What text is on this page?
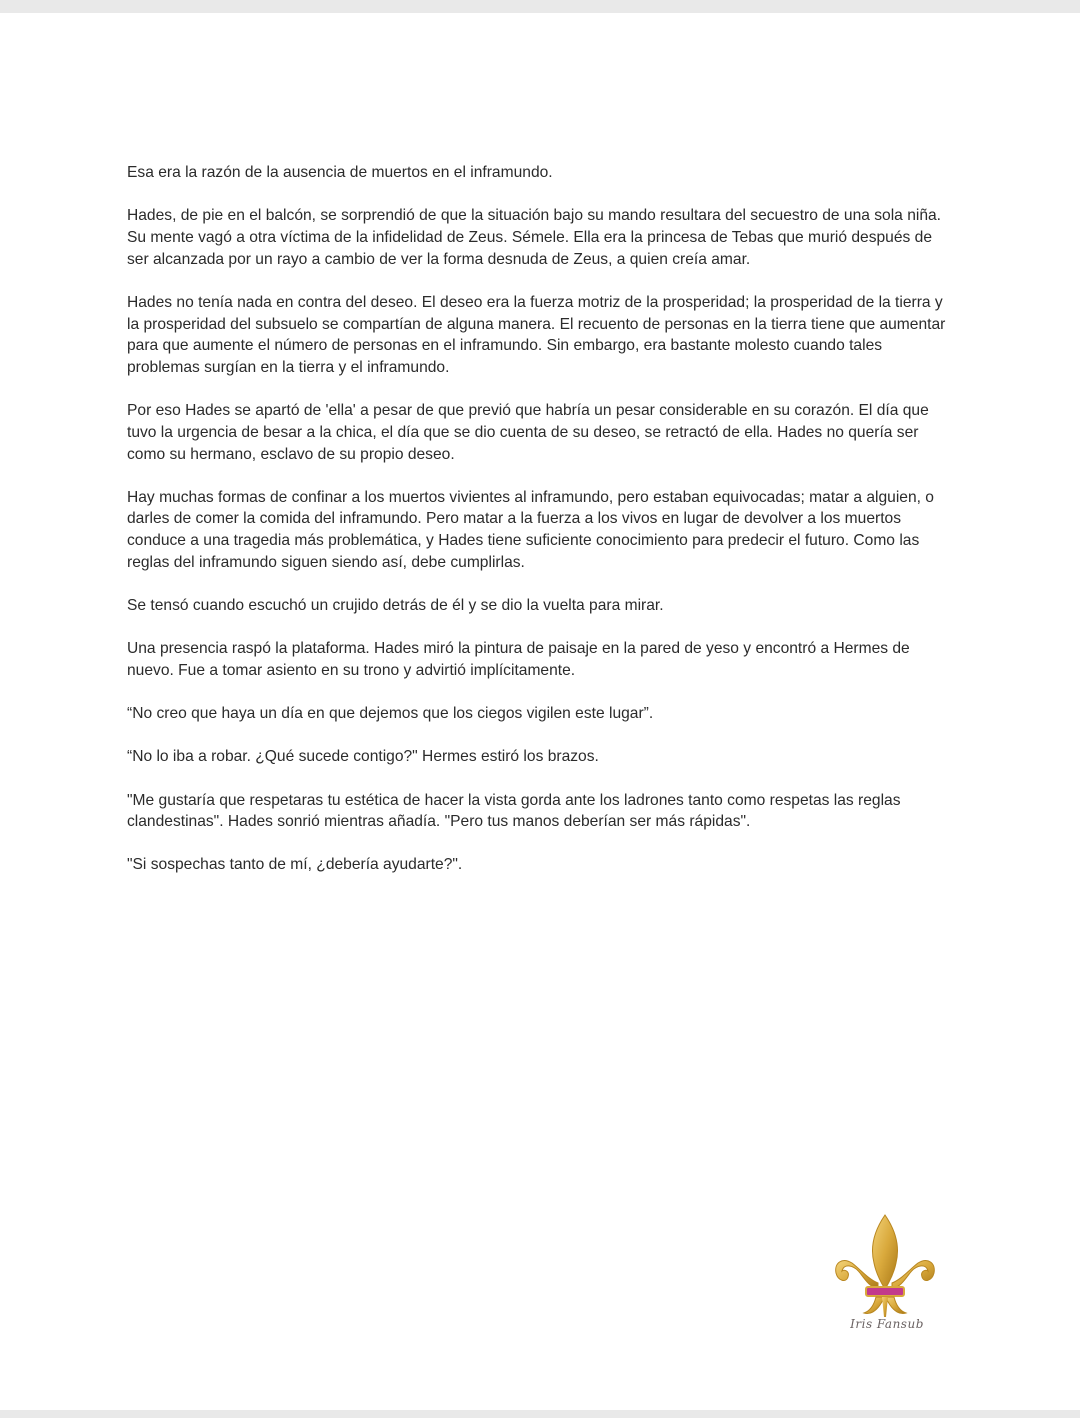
Esa era la razón de la ausencia de muertos en el inframundo.

Hades, de pie en el balcón, se sorprendió de que la situación bajo su mando resultara del secuestro de una sola niña. Su mente vagó a otra víctima de la infidelidad de Zeus. Sémele. Ella era la princesa de Tebas que murió después de ser alcanzada por un rayo a cambio de ver la forma desnuda de Zeus, a quien creía amar.

Hades no tenía nada en contra del deseo. El deseo era la fuerza motriz de la prosperidad; la prosperidad de la tierra y la prosperidad del subsuelo se compartían de alguna manera. El recuento de personas en la tierra tiene que aumentar para que aumente el número de personas en el inframundo. Sin embargo, era bastante molesto cuando tales problemas surgían en la tierra y el inframundo.

Por eso Hades se apartó de 'ella' a pesar de que previó que habría un pesar considerable en su corazón. El día que tuvo la urgencia de besar a la chica, el día que se dio cuenta de su deseo, se retractó de ella. Hades no quería ser como su hermano, esclavo de su propio deseo.

Hay muchas formas de confinar a los muertos vivientes al inframundo, pero estaban equivocadas; matar a alguien, o darles de comer la comida del inframundo. Pero matar a la fuerza a los vivos en lugar de devolver a los muertos conduce a una tragedia más problemática, y Hades tiene suficiente conocimiento para predecir el futuro. Como las reglas del inframundo siguen siendo así, debe cumplirlas.

Se tensó cuando escuchó un crujido detrás de él y se dio la vuelta para mirar.

Una presencia raspó la plataforma. Hades miró la pintura de paisaje en la pared de yeso y encontró a Hermes de nuevo. Fue a tomar asiento en su trono y advirtió implícitamente.

“No creo que haya un día en que dejemos que los ciegos vigilen este lugar”.

“No lo iba a robar. ¿Qué sucede contigo?" Hermes estiró los brazos.

"Me gustaría que respetaras tu estética de hacer la vista gorda ante los ladrones tanto como respetas las reglas clandestinas". Hades sonrió mientras añadía. "Pero tus manos deberían ser más rápidas".

"Si sospechas tanto de mí, ¿debería ayudarte?".

Iris Fansub
